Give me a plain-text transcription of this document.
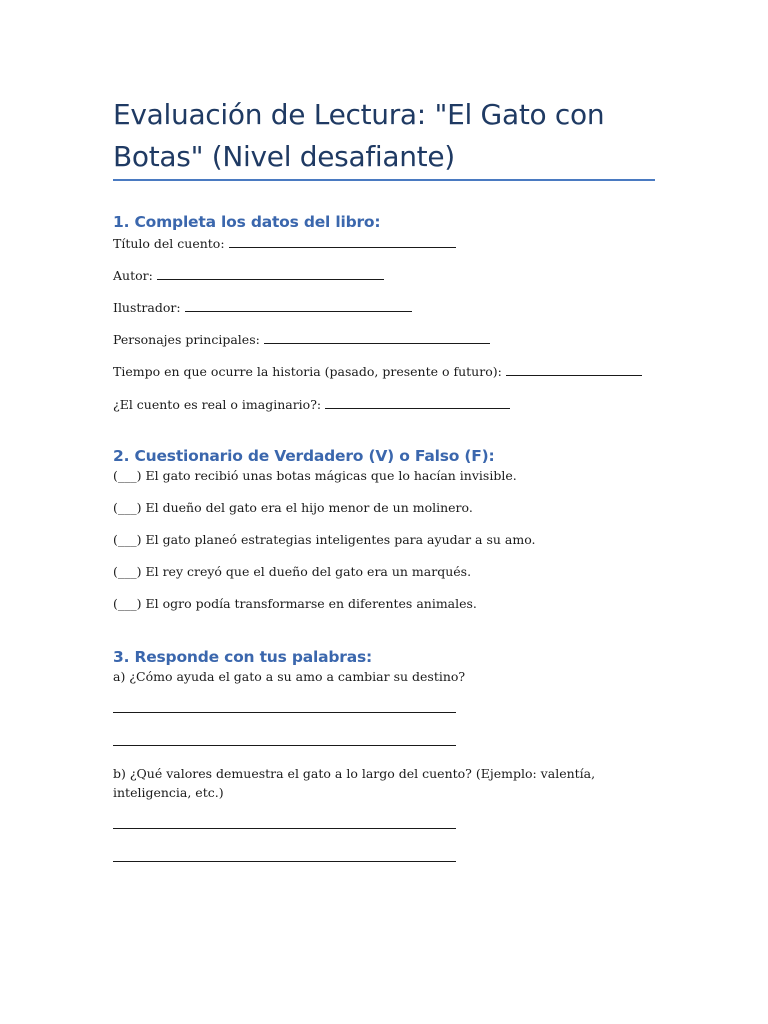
Evaluación de Lectura: "El Gato con Botas" (Nivel desafiante)
1. Completa los datos del libro:

Título del cuento:

Autor:

Ilustrador:

Personajes principales:

Tiempo en que ocurre la historia (pasado, presente o futuro):

¿El cuento es real o imaginario?:

2. Cuestionario de Verdadero (V) o Falso (F):

(___) El gato recibió unas botas mágicas que lo hacían invisible.

(___) El dueño del gato era el hijo menor de un molinero.

(___) El gato planeó estrategias inteligentes para ayudar a su amo.

(___) El rey creyó que el dueño del gato era un marqués.

(___) El ogro podía transformarse en diferentes animales.

3. Responde con tus palabras:

a) ¿Cómo ayuda el gato a su amo a cambiar su destino?

b) ¿Qué valores demuestra el gato a lo largo del cuento? (Ejemplo: valentía, inteligencia, etc.)
